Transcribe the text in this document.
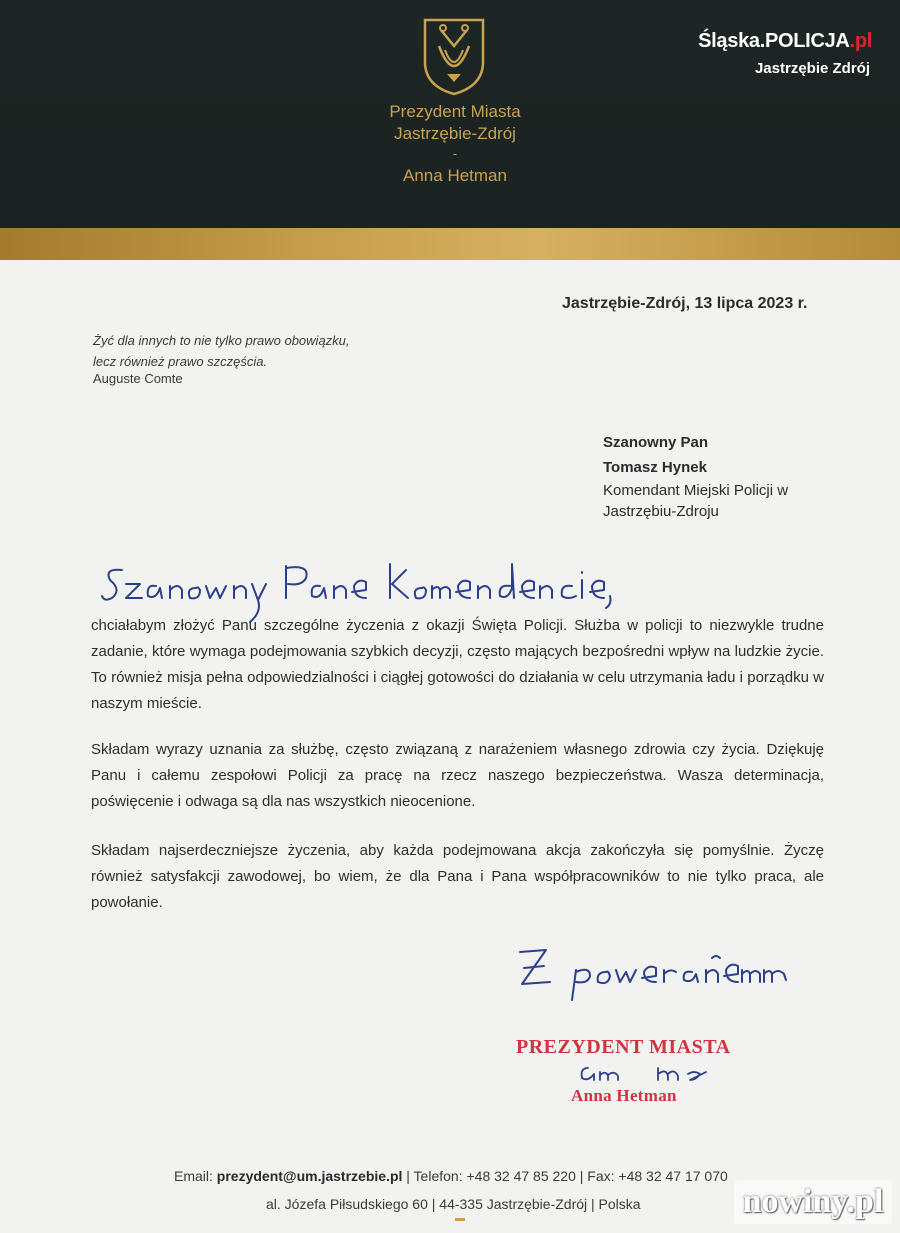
Prezydent Miasta
Jastrzębie-Zdrój
-
Anna Hetman
Śląska.POLICJA.pl
Jastrzębie Zdrój
Jastrzębie-Zdrój, 13 lipca 2023 r.
Żyć dla innych to nie tylko prawo obowiązku,
lecz również prawo szczęścia.
Auguste Comte
Szanowny Pan
Tomasz Hynek
Komendant Miejski Policji w
Jastrzębiu-Zdroju
chciałabym złożyć Panu szczególne życzenia z okazji Święta Policji. Służba w policji to niezwykle trudne zadanie, które wymaga podejmowania szybkich decyzji, często mających bezpośredni wpływ na ludzkie życie. To również misja pełna odpowiedzialności i ciągłej gotowości do działania w celu utrzymania ładu i porządku w naszym mieście.
Składam wyrazy uznania za służbę, często związaną z narażeniem własnego zdrowia czy życia. Dziękuję Panu i całemu zespołowi Policji za pracę na rzecz naszego bezpieczeństwa. Wasza determinacja, poświęcenie i odwaga są dla nas wszystkich nieocenione.
Składam najserdeczniejsze życzenia, aby każda podejmowana akcja zakończyła się pomyślnie. Życzę również satysfakcji zawodowej, bo wiem, że dla Pana i Pana współpracowników to nie tylko praca, ale powołanie.
PREZYDENT MIASTA
Anna Hetman
Email: prezydent@um.jastrzebie.pl | Telefon: +48 32 47 85 220 | Fax: +48 32 47 17 070
al. Józefa Piłsudskiego 60 | 44-335 Jastrzębie-Zdrój | Polska	nowiny.pl
